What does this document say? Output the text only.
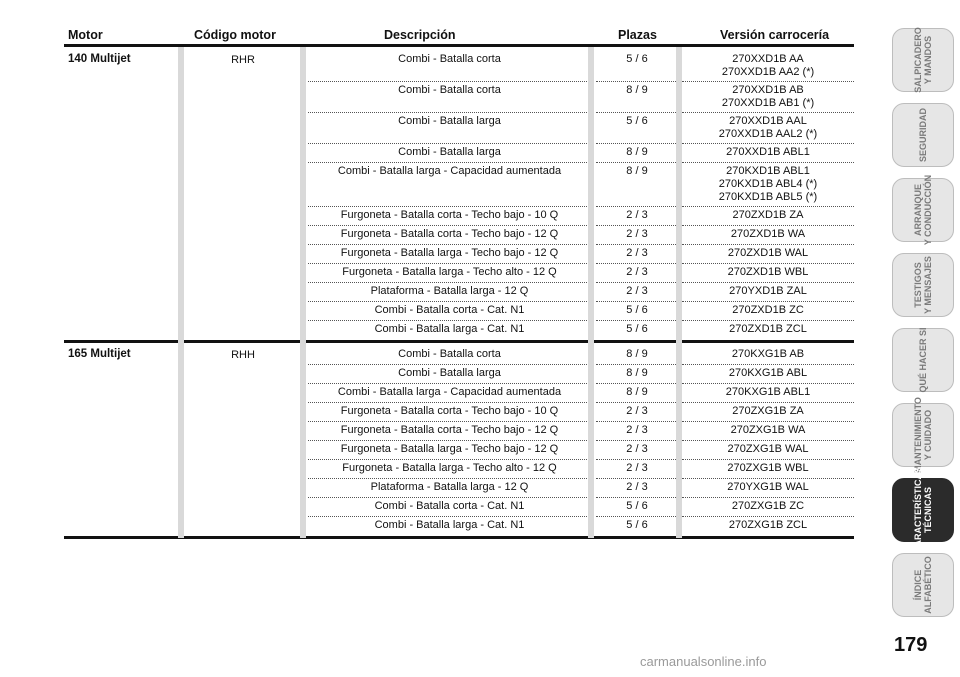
Motor	Código motor	Descripción	Plazas	Versión carrocería
140 Multijet	RHR	Combi - Batalla corta	5 / 6	270XXD1B AA
270XXD1B AA2 (*)
Combi - Batalla corta	8 / 9	270XXD1B AB
270XXD1B AB1 (*)
Combi - Batalla larga	5 / 6	270XXD1B AAL
270XXD1B AAL2 (*)
Combi - Batalla larga	8 / 9	270XXD1B ABL1
Combi - Batalla larga - Capacidad aumentada	8 / 9	270KXD1B ABL1
270KXD1B ABL4 (*)
270KXD1B ABL5 (*)
Furgoneta - Batalla corta - Techo bajo - 10 Q	2 / 3	270ZXD1B ZA
Furgoneta - Batalla corta - Techo bajo - 12 Q	2 / 3	270ZXD1B WA
Furgoneta - Batalla larga - Techo bajo - 12 Q	2 / 3	270ZXD1B WAL
Furgoneta - Batalla larga - Techo alto - 12 Q	2 / 3	270ZXD1B WBL
Plataforma - Batalla larga - 12 Q	2 / 3	270YXD1B ZAL
Combi - Batalla corta - Cat. N1	5 / 6	270ZXD1B ZC
Combi - Batalla larga - Cat. N1	5 / 6	270ZXD1B ZCL
165 Multijet	RHH	Combi - Batalla corta	8 / 9	270KXG1B AB
Combi - Batalla larga	8 / 9	270KXG1B ABL
Combi - Batalla larga - Capacidad aumentada	8 / 9	270KXG1B ABL1
Furgoneta - Batalla corta - Techo bajo - 10 Q	2 / 3	270ZXG1B ZA
Furgoneta - Batalla corta - Techo bajo - 12 Q	2 / 3	270ZXG1B WA
Furgoneta - Batalla larga - Techo bajo - 12 Q	2 / 3	270ZXG1B WAL
Furgoneta - Batalla larga - Techo alto - 12 Q	2 / 3	270ZXG1B WBL
Plataforma - Batalla larga - 12 Q	2 / 3	270YXG1B WAL
Combi - Batalla corta - Cat. N1	5 / 6	270ZXG1B ZC
Combi - Batalla larga - Cat. N1	5 / 6	270ZXG1B ZCL
SALPICADERO
Y MANDOS
SEGURIDAD
ARRANQUE
Y CONDUCCIÓN
TESTIGOS
Y MENSAJES
QUÉ HACER SI
MANTENIMIENTO
Y CUIDADO
CARACTERÍSTICAS
TÉCNICAS
ÍNDICE
ALFABÉTICO
179
carmanualsonline.info
